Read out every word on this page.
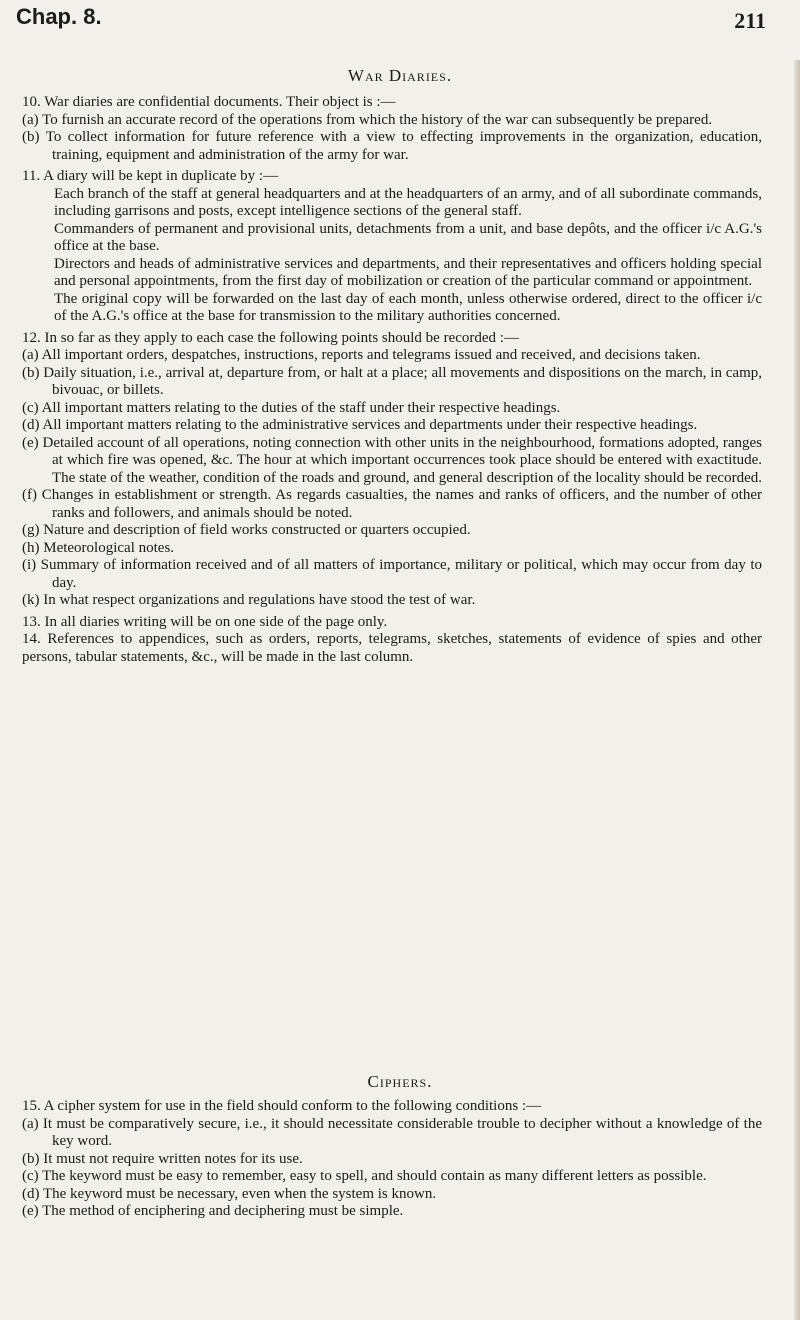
Chap. 8.	211
War Diaries.

10. War diaries are confidential documents. Their object is :—

(a) To furnish an accurate record of the operations from which the history of the war can subsequently be prepared.

(b) To collect information for future reference with a view to effecting improvements in the organization, education, training, equipment and administration of the army for war.

11. A diary will be kept in duplicate by :—

Each branch of the staff at general headquarters and at the headquarters of an army, and of all subordinate commands, including garrisons and posts, except intelligence sections of the general staff.

Commanders of permanent and provisional units, detachments from a unit, and base depôts, and the officer i/c A.G.'s office at the base.

Directors and heads of administrative services and departments, and their representatives and officers holding special and personal appointments, from the first day of mobilization or creation of the particular command or appointment.

The original copy will be forwarded on the last day of each month, unless otherwise ordered, direct to the officer i/c of the A.G.'s office at the base for transmission to the military authorities concerned.

12. In so far as they apply to each case the following points should be recorded :—

(a) All important orders, despatches, instructions, reports and telegrams issued and received, and decisions taken.

(b) Daily situation, i.e., arrival at, departure from, or halt at a place; all movements and dispositions on the march, in camp, bivouac, or billets.

(c) All important matters relating to the duties of the staff under their respective headings.

(d) All important matters relating to the administrative services and departments under their respective headings.

(e) Detailed account of all operations, noting connection with other units in the neighbourhood, formations adopted, ranges at which fire was opened, &c. The hour at which important occurrences took place should be entered with exactitude. The state of the weather, condition of the roads and ground, and general description of the locality should be recorded.

(f) Changes in establishment or strength. As regards casualties, the names and ranks of officers, and the number of other ranks and followers, and animals should be noted.

(g) Nature and description of field works constructed or quarters occupied.

(h) Meteorological notes.

(i) Summary of information received and of all matters of importance, military or political, which may occur from day to day.

(k) In what respect organizations and regulations have stood the test of war.

13. In all diaries writing will be on one side of the page only.

14. References to appendices, such as orders, reports, telegrams, sketches, statements of evidence of spies and other persons, tabular statements, &c., will be made in the last column.

Ciphers.

15. A cipher system for use in the field should conform to the following conditions :—

(a) It must be comparatively secure, i.e., it should necessitate considerable trouble to decipher without a knowledge of the key word.

(b) It must not require written notes for its use.

(c) The keyword must be easy to remember, easy to spell, and should contain as many different letters as possible.

(d) The keyword must be necessary, even when the system is known.

(e) The method of enciphering and deciphering must be simple.
